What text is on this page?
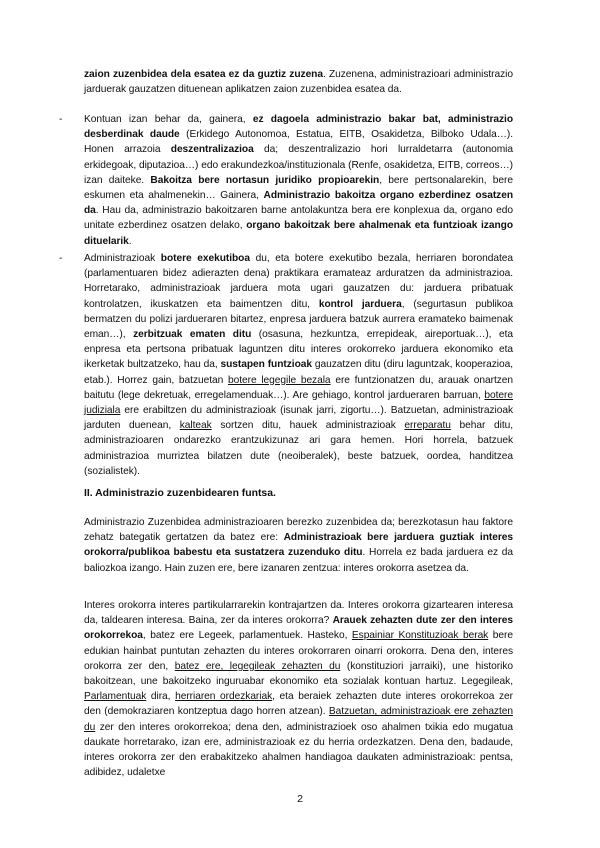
zaion zuzenbidea dela esatea ez da guztiz zuzena. Zuzenena, administrazioari administrazio jarduerak gauzatzen dituenean aplikatzen zaion zuzenbidea esatea da.
- Kontuan izan behar da, gainera, ez dagoela administrazio bakar bat, administrazio desberdinak daude (Erkidego Autonomoa, Estatua, EITB, Osakidetza, Bilboko Udala…). Honen arrazoia deszentralizazioa da; deszentralizazio hori lurraldetarra (autonomia erkidegoak, diputazioa…) edo erakundezkoa/instituzionala (Renfe, osakidetza, EITB, correos…) izan daiteke. Bakoitza bere nortasun juridiko propioarekin, bere pertsonalarekin, bere eskumen eta ahalmenekin… Gainera, Administrazio bakoitza organo ezberdinez osatzen da. Hau da, administrazio bakoitzaren barne antolakuntza bera ere konplexua da, organo edo unitate ezberdinez osatzen delako, organo bakoitzak bere ahalmenak eta funtzioak izango dituelarik.
- Administrazioak botere exekutiboa du, eta botere exekutibo bezala, herriaren borondatea (parlamentuaren bidez adierazten dena) praktikara eramateaz arduratzen da administrazioa. Horretarako, administrazioak jarduera mota ugari gauzatzen du: jarduera pribatuak kontrolatzen, ikuskatzen eta baimentzen ditu, kontrol jarduera, (segurtasun publikoa bermatzen du polizi jardueraren bitartez, enpresa jarduera batzuk aurrera eramateko baimenak eman…), zerbitzuak ematen ditu (osasuna, hezkuntza, errepideak, aireportuak…), eta enpresa eta pertsona pribatuak laguntzen ditu interes orokorreko jarduera ekonomiko eta ikerketak bultzatzeko, hau da, sustapen funtzioak gauzatzen ditu (diru laguntzak, kooperazioa, etab.). Horrez gain, batzuetan botere legegile bezala ere funtzionatzen du, arauak onartzen baitutu (lege dekretuak, erregelamenduak…). Are gehiago, kontrol jardueraren barruan, botere judiziala ere erabiltzen du administrazioak (isunak jarri, zigortu…). Batzuetan, administrazioak jarduten duenean, kalteak sortzen ditu, hauek administrazioak erreparatu behar ditu, administrazioaren ondarezko erantzukizunaz ari gara hemen. Hori horrela, batzuek administrazioa murriztea bilatzen dute (neoiberalek), beste batzuek, oordea, handitzea (sozialistek).
II. Administrazio zuzenbidearen funtsa.
Administrazio Zuzenbidea administrazioaren berezko zuzenbidea da; berezkotasun hau faktore zehatz bategatik gertatzen da batez ere: Administrazioak bere jarduera guztiak interes orokorra/publikoa babestu eta sustatzera zuzenduko ditu. Horrela ez bada jarduera ez da baliozkoa izango. Hain zuzen ere, bere izanaren zentzua: interes orokorra asetzea da.
Interes orokorra interes partikularrarekin kontrajartzen da. Interes orokorra gizartearen interesa da, taldearen interesa. Baina, zer da interes orokorra? Arauek zehazten dute zer den interes orokorrekoa, batez ere Legeek, parlamentuek. Hasteko, Espainiar Konstituzioak berak bere edukian hainbat puntutan zehazten du interes orokorraren oinarri orokorra. Dena den, interes orokorra zer den, batez ere, legegileak zehazten du (konstituziori jarraiki), une historiko bakoitzean, une bakoitzeko inguruabar ekonomiko eta sozialak kontuan hartuz. Legegileak, Parlamentuak dira, herriaren ordezkariak, eta beraiek zehazten dute interes orokorrekoa zer den (demokraziaren kontzeptua dago horren atzean). Batzuetan, administrazioak ere zehazten du zer den interes orokorrekoa; dena den, administrazioek oso ahalmen txikia edo mugatua daukate horretarako, izan ere, administrazioak ez du herria ordezkatzen. Dena den, badaude, interes orokorra zer den erabakitzeko ahalmen handiagoa daukaten administrazioak: pentsa, adibidez, udaletxe
2
